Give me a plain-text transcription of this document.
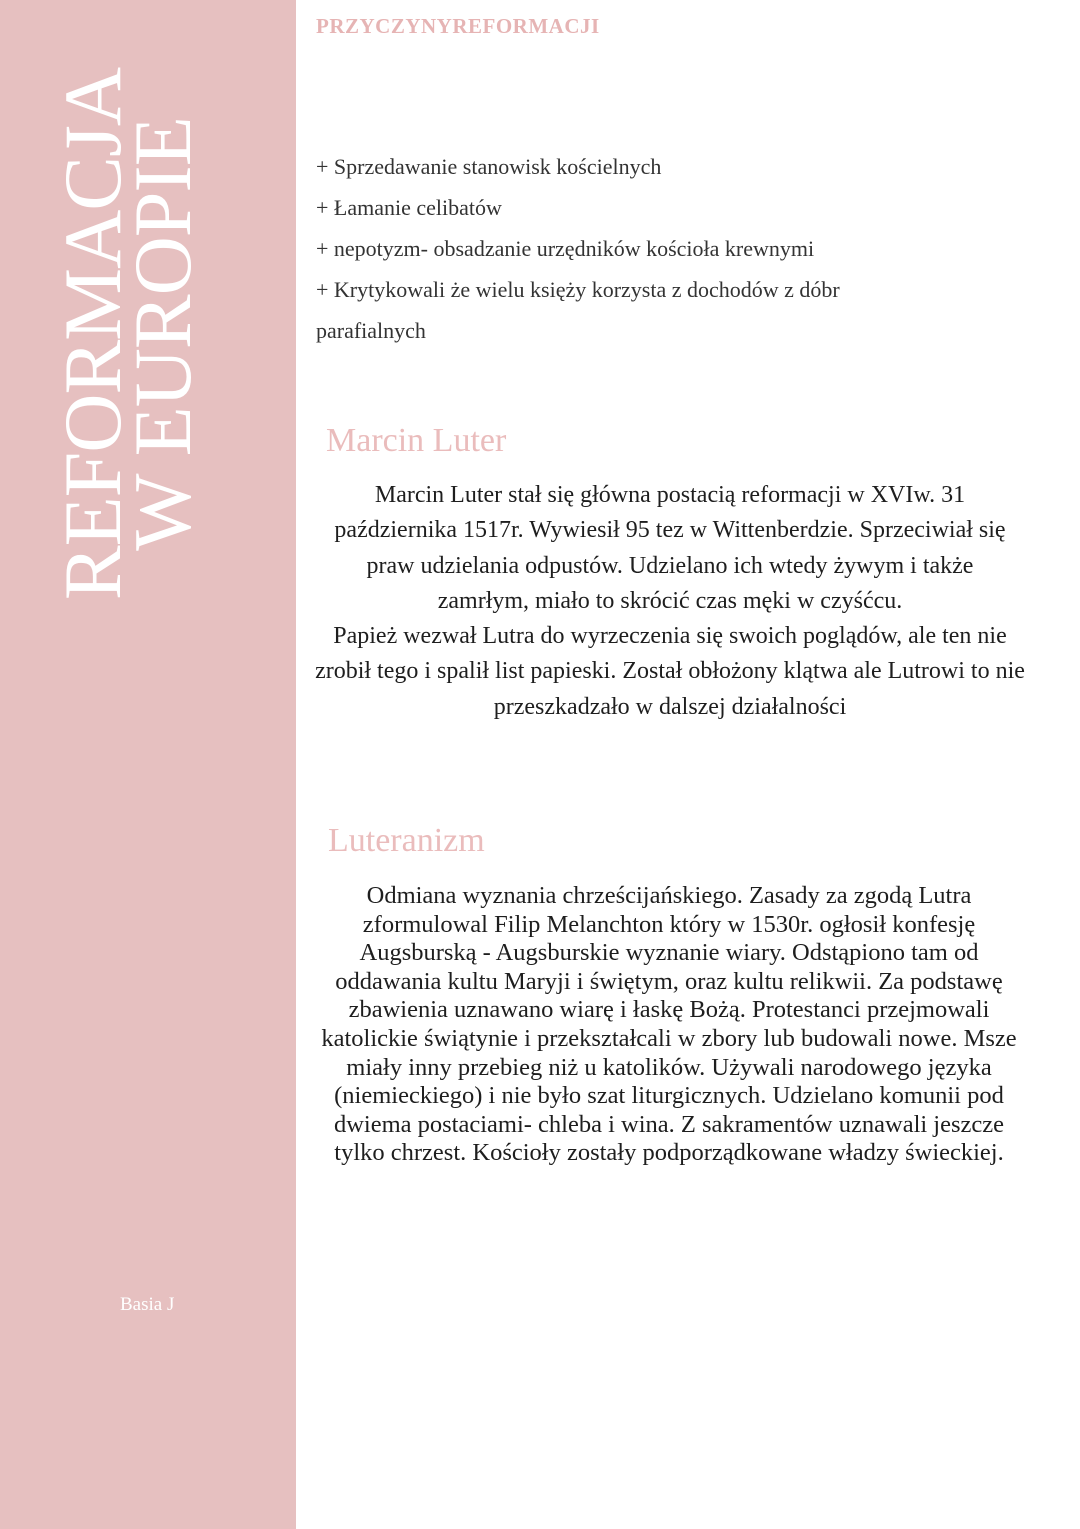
REFORMACJA
W EUROPIE
Basia J
PRZYCZYNYREFORMACJI
+ Sprzedawanie stanowisk kościelnych
+ Łamanie celibatów
+ nepotyzm- obsadzanie urzędników kościoła krewnymi
+ Krytykowali że wielu księży korzysta z dochodów z dóbr parafialnych
Marcin Luter
Marcin Luter stał się główna postacią reformacji w XVIw. 31 października 1517r. Wywiesił 95 tez w Wittenberdzie. Sprzeciwiał się praw udzielania odpustów. Udzielano ich wtedy żywym i także zamrłym, miało to skrócić czas męki w czyśćcu.
Papież wezwał Lutra do wyrzeczenia się swoich poglądów, ale ten nie zrobił tego i spalił list papieski. Został obłożony klątwa ale Lutrowi to nie przeszkadzało w dalszej działalności
Luteranizm
Odmiana wyznania chrześcijańskiego. Zasady za zgodą Lutra zformulowal Filip Melanchton który w 1530r. ogłosił konfesję Augsburską - Augsburskie wyznanie wiary. Odstąpiono tam od oddawania kultu Maryji i świętym, oraz kultu relikwii. Za podstawę zbawienia uznawano wiarę i łaskę Bożą. Protestanci przejmowali katolickie świątynie i przekształcali w zbory lub budowali nowe. Msze miały inny przebieg niż u katolików. Używali narodowego języka (niemieckiego) i nie było szat liturgicznych. Udzielano komunii pod dwiema postaciami- chleba i wina. Z sakramentów uznawali jeszcze tylko chrzest. Kościoły zostały podporządkowane władzy świeckiej.
